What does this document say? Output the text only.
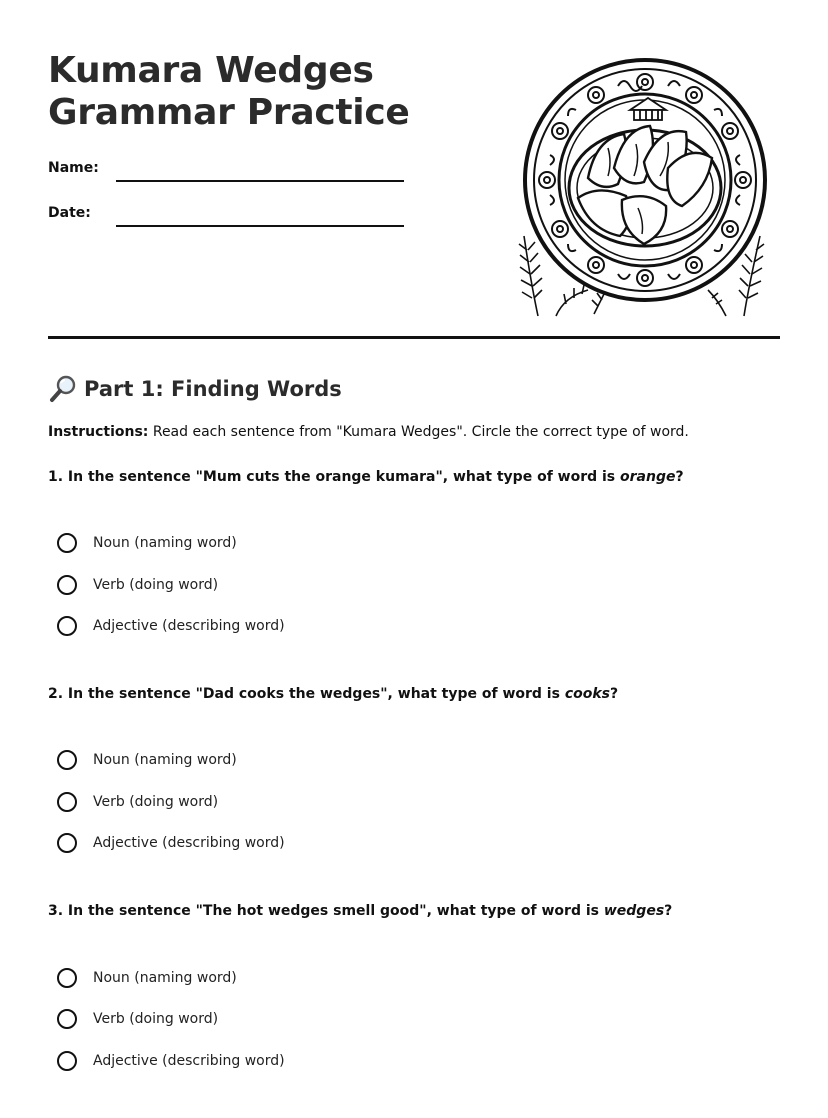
Kumara Wedges
Grammar Practice
Name:
Date:
Part 1: Finding Words
Instructions: Read each sentence from "Kumara Wedges". Circle the correct type of word.
1. In the sentence "Mum cuts the orange kumara", what type of word is orange?
Noun (naming word)
Verb (doing word)
Adjective (describing word)
2. In the sentence "Dad cooks the wedges", what type of word is cooks?
Noun (naming word)
Verb (doing word)
Adjective (describing word)
3. In the sentence "The hot wedges smell good", what type of word is wedges?
Noun (naming word)
Verb (doing word)
Adjective (describing word)
